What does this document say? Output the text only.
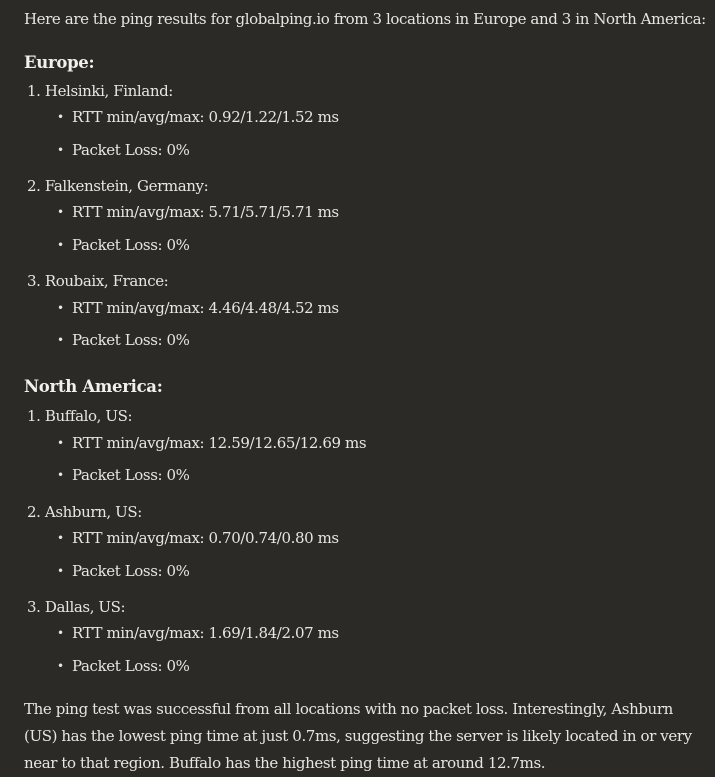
Here are the ping results for globalping.io from 3 locations in Europe and 3 in North America:
Europe:
1. Helsinki, Finland:
• RTT min/avg/max: 0.92/1.22/1.52 ms
• Packet Loss: 0%
2. Falkenstein, Germany:
• RTT min/avg/max: 5.71/5.71/5.71 ms
• Packet Loss: 0%
3. Roubaix, France:
• RTT min/avg/max: 4.46/4.48/4.52 ms
• Packet Loss: 0%
North America:
1. Buffalo, US:
• RTT min/avg/max: 12.59/12.65/12.69 ms
• Packet Loss: 0%
2. Ashburn, US:
• RTT min/avg/max: 0.70/0.74/0.80 ms
• Packet Loss: 0%
3. Dallas, US:
• RTT min/avg/max: 1.69/1.84/2.07 ms
• Packet Loss: 0%
The ping test was successful from all locations with no packet loss. Interestingly, Ashburn (US) has the lowest ping time at just 0.7ms, suggesting the server is likely located in or very near to that region. Buffalo has the highest ping time at around 12.7ms.
